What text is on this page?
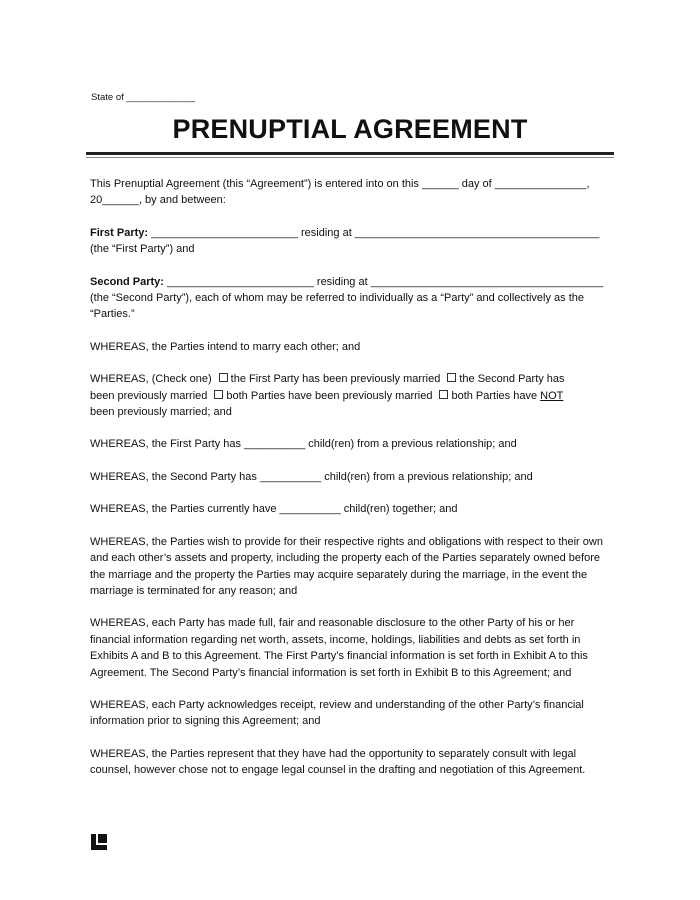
State of _____________
PRENUPTIAL AGREEMENT

This Prenuptial Agreement (this “Agreement”) is entered into on this ______ day of _______________,
20______, by and between:

First Party: ________________________ residing at ________________________________________
(the “First Party”) and

Second Party: ________________________ residing at ______________________________________
(the “Second Party”), each of whom may be referred to individually as a “Party” and collectively as the
“Parties.”

WHEREAS, the Parties intend to marry each other; and

WHEREAS, (Check one) the First Party has been previously married the Second Party has
been previously married both Parties have been previously married both Parties have NOT
been previously married; and

WHEREAS, the First Party has __________ child(ren) from a previous relationship; and

WHEREAS, the Second Party has __________ child(ren) from a previous relationship; and

WHEREAS, the Parties currently have __________ child(ren) together; and

WHEREAS, the Parties wish to provide for their respective rights and obligations with respect to their own
and each other’s assets and property, including the property each of the Parties separately owned before
the marriage and the property the Parties may acquire separately during the marriage, in the event the
marriage is terminated for any reason; and

WHEREAS, each Party has made full, fair and reasonable disclosure to the other Party of his or her
financial information regarding net worth, assets, income, holdings, liabilities and debts as set forth in
Exhibits A and B to this Agreement. The First Party’s financial information is set forth in Exhibit A to this
Agreement. The Second Party’s financial information is set forth in Exhibit B to this Agreement; and

WHEREAS, each Party acknowledges receipt, review and understanding of the other Party’s financial
information prior to signing this Agreement; and

WHEREAS, the Parties represent that they have had the opportunity to separately consult with legal
counsel, however chose not to engage legal counsel in the drafting and negotiation of this Agreement.
